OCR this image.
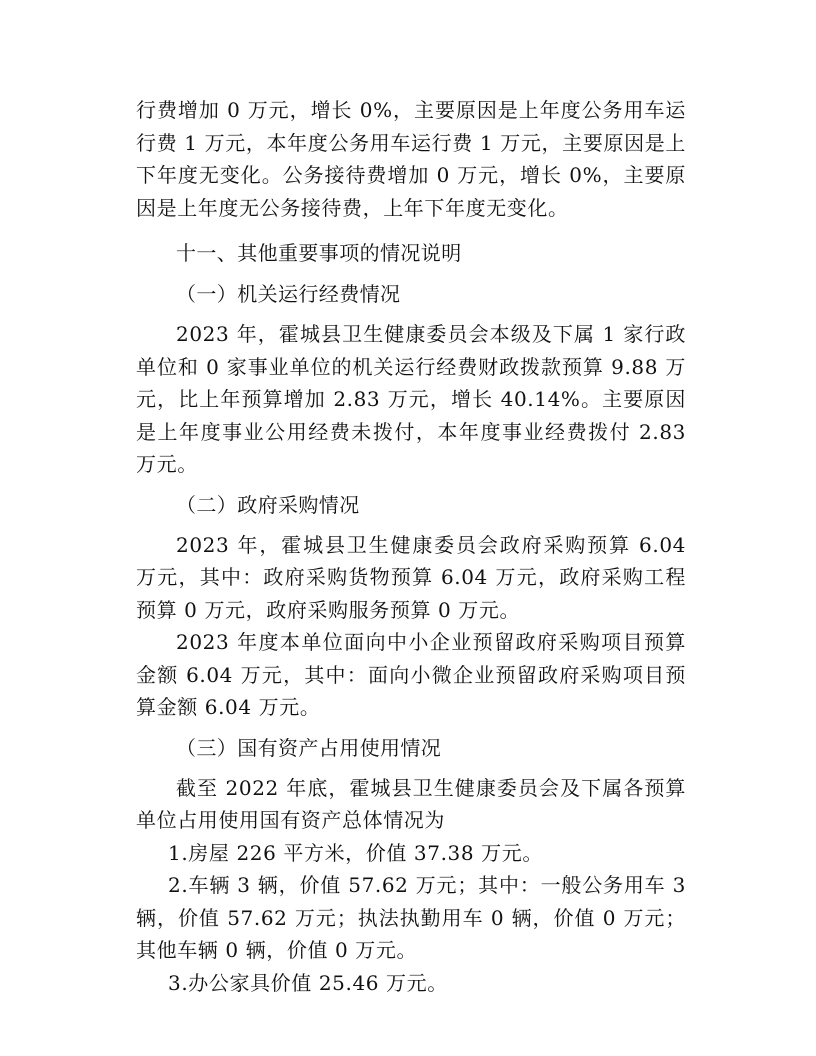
行费增加 0 万元，增长 0%，主要原因是上年度公务用车运行费 1 万元，本年度公务用车运行费 1 万元，主要原因是上下年度无变化。公务接待费增加 0 万元，增长 0%，主要原因是上年度无公务接待费，上年下年度无变化。

十一、其他重要事项的情况说明
（一）机关运行经费情况

2023 年，霍城县卫生健康委员会本级及下属 1 家行政单位和 0 家事业单位的机关运行经费财政拨款预算 9.88 万元，比上年预算增加 2.83 万元，增长 40.14%。主要原因是上年度事业公用经费未拨付，本年度事业经费拨付 2.83 万元。

（二）政府采购情况

2023 年，霍城县卫生健康委员会政府采购预算 6.04 万元，其中：政府采购货物预算 6.04 万元，政府采购工程预算 0 万元，政府采购服务预算 0 万元。

2023 年度本单位面向中小企业预留政府采购项目预算金额 6.04 万元，其中：面向小微企业预留政府采购项目预算金额 6.04 万元。

（三）国有资产占用使用情况

截至 2022 年底，霍城县卫生健康委员会及下属各预算单位占用使用国有资产总体情况为

1.房屋 226 平方米，价值 37.38 万元。

2.车辆 3 辆，价值 57.62 万元；其中：一般公务用车 3 辆，价值 57.62 万元；执法执勤用车 0 辆，价值 0 万元；其他车辆 0 辆，价值 0 万元。

3.办公家具价值 25.46 万元。
